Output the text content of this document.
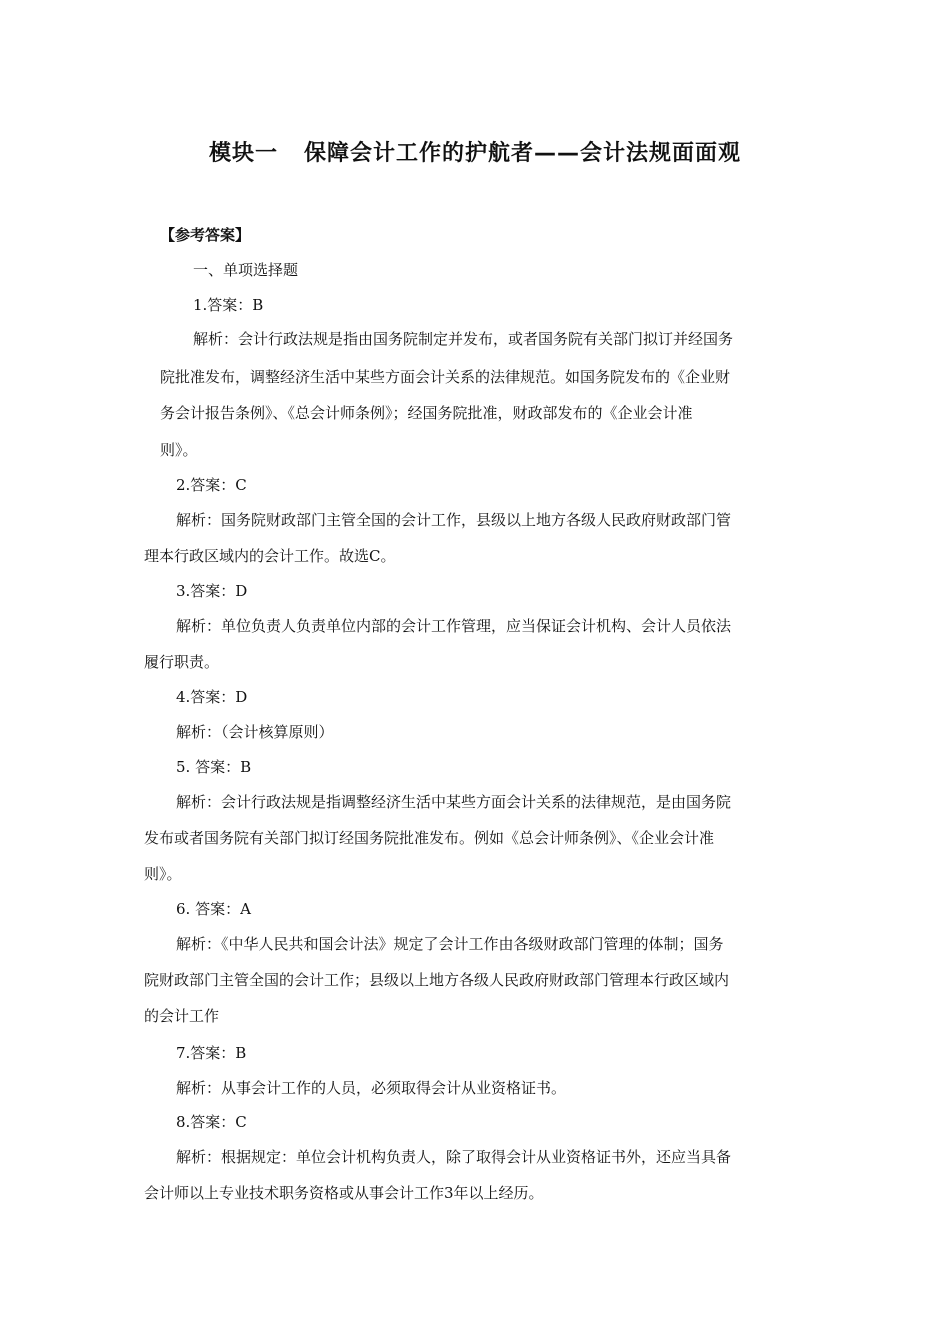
模块一   保障会计工作的护航者——会计法规面面观
【参考答案】
一、单项选择题
1.答案：B
解析：会计行政法规是指由国务院制定并发布，或者国务院有关部门拟订并经国务
院批准发布，调整经济生活中某些方面会计关系的法律规范。如国务院发布的《企业财
务会计报告条例》、《总会计师条例》；经国务院批准，财政部发布的《企业会计准
则》。
2.答案：C
解析：国务院财政部门主管全国的会计工作，县级以上地方各级人民政府财政部门管
理本行政区域内的会计工作。故选C。
3.答案：D
解析：单位负责人负责单位内部的会计工作管理，应当保证会计机构、会计人员依法
履行职责。
4.答案：D
解析：（会计核算原则）
5. 答案：B
解析：会计行政法规是指调整经济生活中某些方面会计关系的法律规范，是由国务院
发布或者国务院有关部门拟订经国务院批准发布。例如《总会计师条例》、《企业会计准
则》。
6. 答案：A
解析：《中华人民共和国会计法》规定了会计工作由各级财政部门管理的体制；国务
院财政部门主管全国的会计工作；县级以上地方各级人民政府财政部门管理本行政区域内
的会计工作
7.答案：B
解析：从事会计工作的人员，必须取得会计从业资格证书。
8.答案：C
解析：根据规定：单位会计机构负责人，除了取得会计从业资格证书外，还应当具备
会计师以上专业技术职务资格或从事会计工作3年以上经历。
